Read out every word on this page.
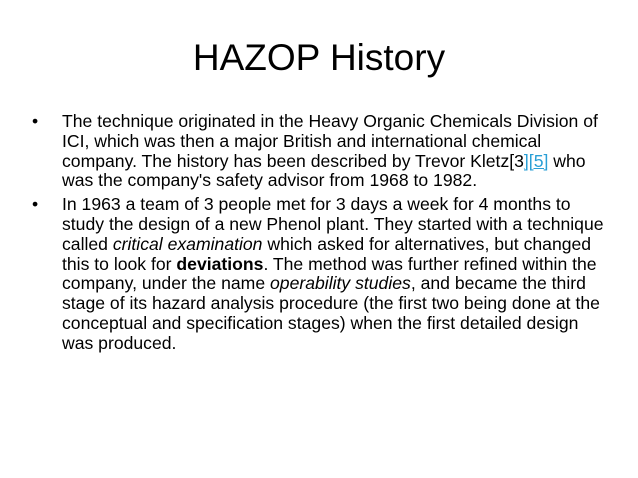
HAZOP History
• The technique originated in the Heavy Organic Chemicals Division of ICI, which was then a major British and international chemical company. The history has been described by Trevor Kletz[3][5] who was the company's safety advisor from 1968 to 1982.
• In 1963 a team of 3 people met for 3 days a week for 4 months to study the design of a new Phenol plant. They started with a technique called critical examination which asked for alternatives, but changed this to look for deviations. The method was further refined within the company, under the name operability studies, and became the third stage of its hazard analysis procedure (the first two being done at the conceptual and specification stages) when the first detailed design was produced.
